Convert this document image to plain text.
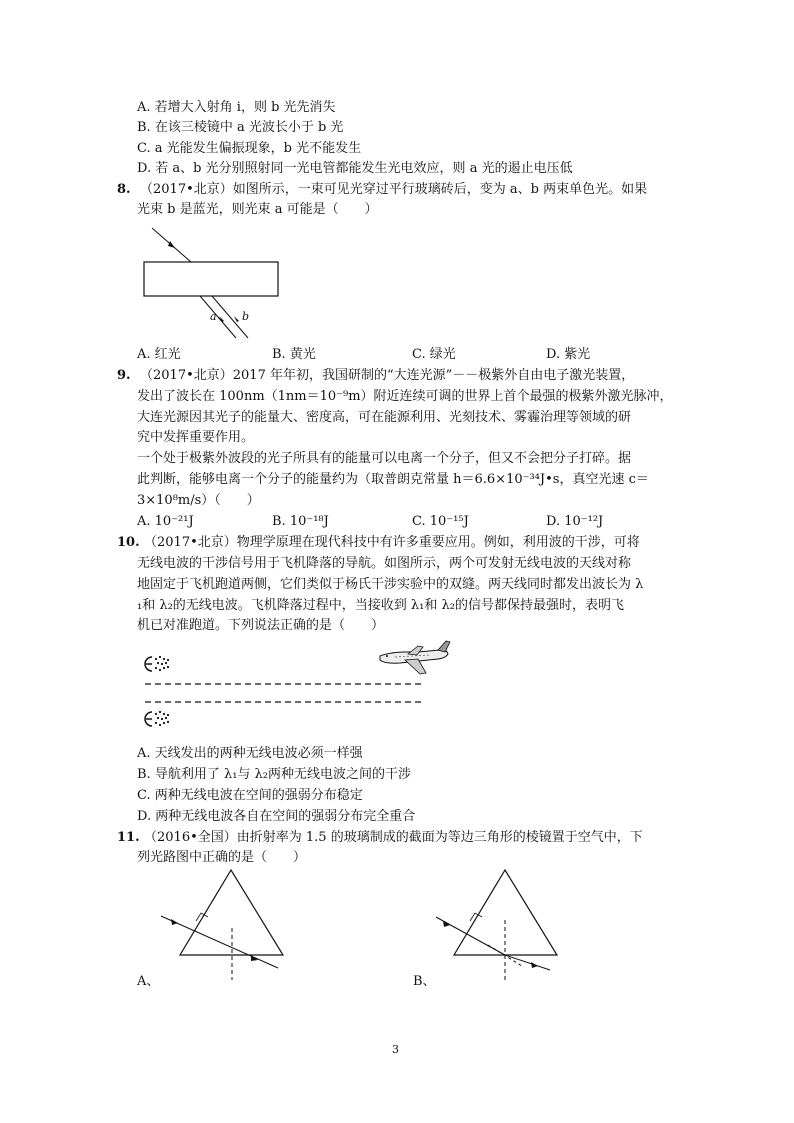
A. 若增大入射角 i，则 b 光先消失
B. 在该三棱镜中 a 光波长小于 b 光
C. a 光能发生偏振现象，b 光不能发生
D. 若 a、b 光分别照射同一光电管都能发生光电效应，则 a 光的遏止电压低
8. （2017•北京）如图所示，一束可见光穿过平行玻璃砖后，变为 a、b 两束单色光。如果
光束 b 是蓝光，则光束 a 可能是（　　）
a b
A. 红光	B. 黄光	C. 绿光	D. 紫光
9. （2017•北京）2017 年年初，我国研制的“大连光源”－－极紫外自由电子激光装置，
发出了波长在 100nm（1nm＝10⁻⁹m）附近连续可调的世界上首个最强的极紫外激光脉冲，
大连光源因其光子的能量大、密度高，可在能源利用、光刻技术、雾霾治理等领域的研
究中发挥重要作用。
一个处于极紫外波段的光子所具有的能量可以电离一个分子，但又不会把分子打碎。据
此判断，能够电离一个分子的能量约为（取普朗克常量 h＝6.6×10⁻³⁴J•s，真空光速 c＝
3×10⁸m/s）（　　）
A. 10⁻²¹J	B. 10⁻¹⁸J	C. 10⁻¹⁵J	D. 10⁻¹²J
10. （2017•北京）物理学原理在现代科技中有许多重要应用。例如，利用波的干涉，可将
无线电波的干涉信号用于飞机降落的导航。如图所示，两个可发射无线电波的天线对称
地固定于飞机跑道两侧，它们类似于杨氏干涉实验中的双缝。两天线同时都发出波长为 λ
₁和 λ₂的无线电波。飞机降落过程中，当接收到 λ₁和 λ₂的信号都保持最强时，表明飞
机已对准跑道。下列说法正确的是（　　）
A. 天线发出的两种无线电波必须一样强
B. 导航利用了 λ₁与 λ₂两种无线电波之间的干涉
C. 两种无线电波在空间的强弱分布稳定
D. 两种无线电波各自在空间的强弱分布完全重合
11. （2016•全国）由折射率为 1.5 的玻璃制成的截面为等边三角形的棱镜置于空气中，下
列光路图中正确的是（　　）
A、	B、
3
